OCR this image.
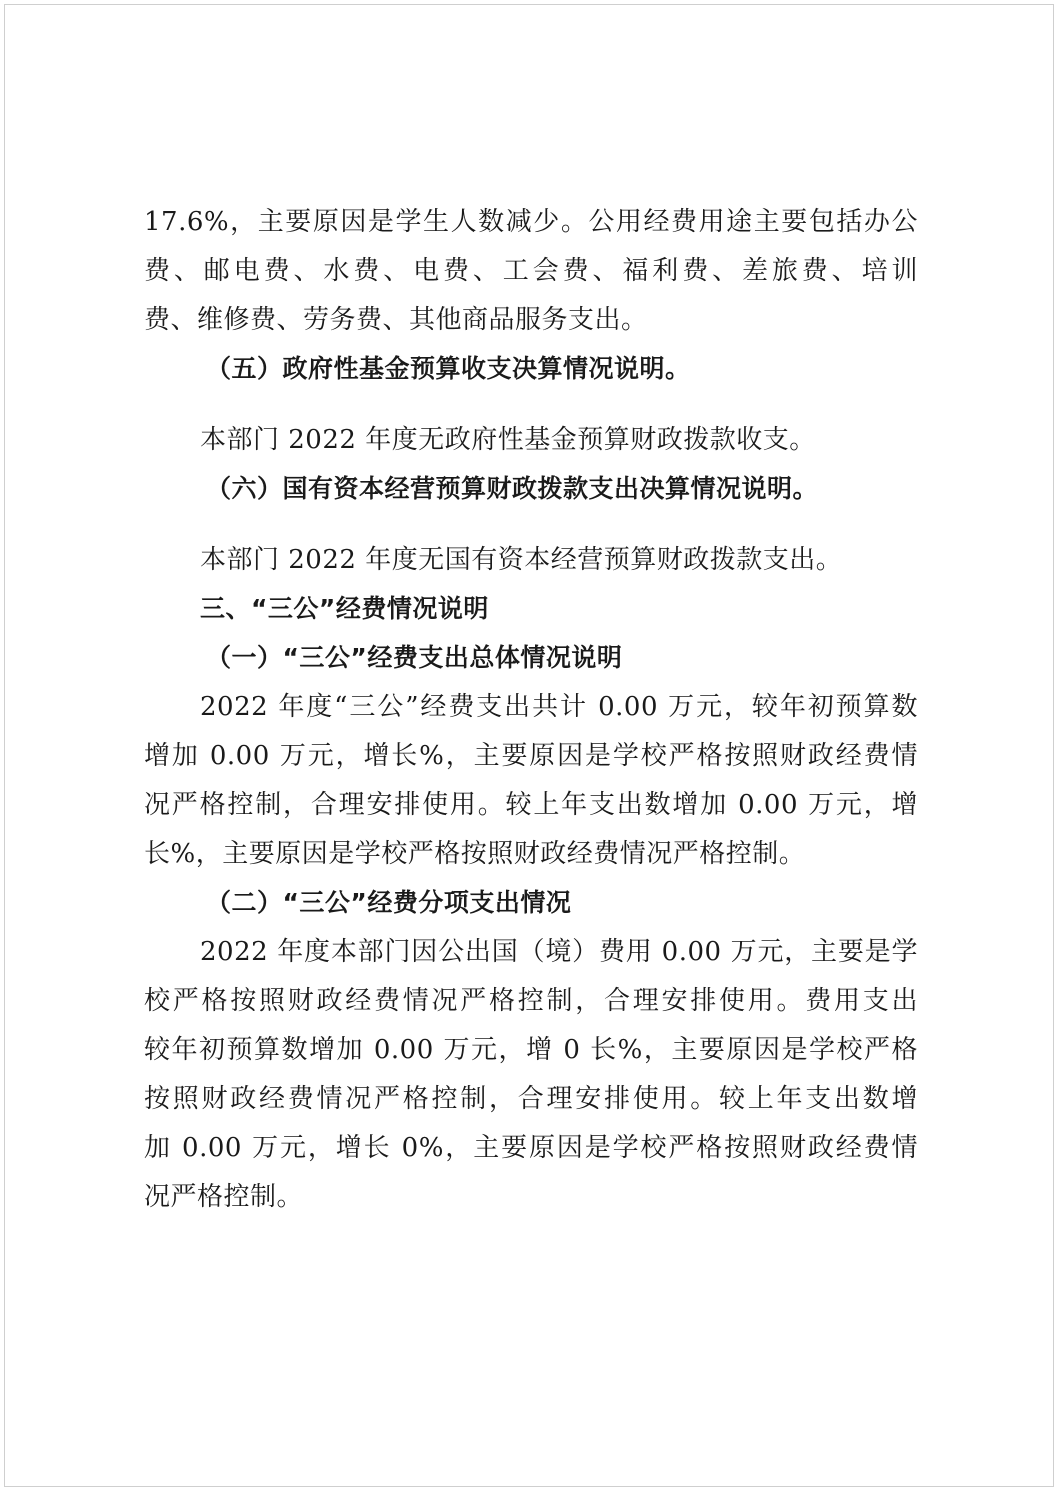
17.6%，主要原因是学生人数减少。公用经费用途主要包括办公
费、邮电费、水费、电费、工会费、福利费、差旅费、培训
费、维修费、劳务费、其他商品服务支出。
（五）政府性基金预算收支决算情况说明。
本部门 2022 年度无政府性基金预算财政拨款收支。
（六）国有资本经营预算财政拨款支出决算情况说明。
本部门 2022 年度无国有资本经营预算财政拨款支出。
三、“三公”经费情况说明
（一）“三公”经费支出总体情况说明
2022 年度“三公”经费支出共计 0.00 万元，较年初预算数
增加 0.00 万元，增长%，主要原因是学校严格按照财政经费情
况严格控制，合理安排使用。较上年支出数增加 0.00 万元，增
长%，主要原因是学校严格按照财政经费情况严格控制。
（二）“三公”经费分项支出情况
2022 年度本部门因公出国（境）费用 0.00 万元，主要是学
校严格按照财政经费情况严格控制，合理安排使用。费用支出
较年初预算数增加 0.00 万元，增 0 长%，主要原因是学校严格
按照财政经费情况严格控制，合理安排使用。较上年支出数增
加 0.00 万元，增长 0%，主要原因是学校严格按照财政经费情
况严格控制。
